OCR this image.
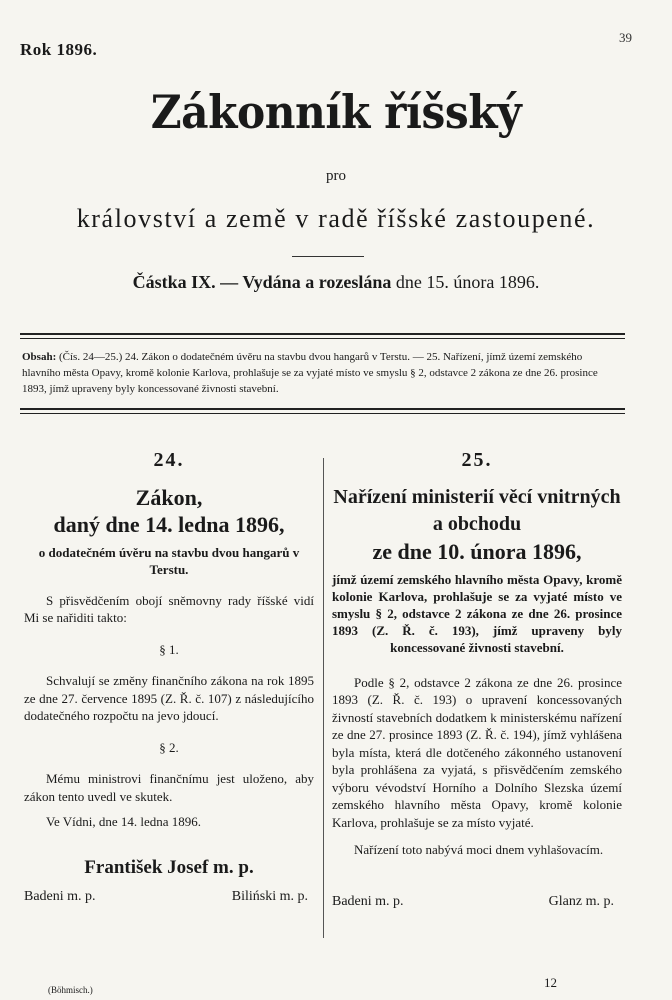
Rok 1896.
39
Zákonník říšský
pro
království a země v radě říšské zastoupené.
Částka IX. — Vydána a rozeslána dne 15. února 1896.
Obsah: (Čís. 24—25.) 24. Zákon o dodatečném úvěru na stavbu dvou hangarů v Terstu. — 25. Nařízení, jímž území zemského hlavního města Opavy, kromě kolonie Karlova, prohlašuje se za vyjaté místo ve smyslu § 2, odstavce 2 zákona ze dne 26. prosince 1893, jímž upraveny byly koncessované živnosti stavební.
24.
Zákon,
daný dne 14. ledna 1896,
o dodatečném úvěru na stavbu dvou hangarů v Terstu.
S přisvědčením obojí sněmovny rady říšské vidí Mi se nařiditi takto:
§ 1.
Schvalují se změny finančního zákona na rok 1895 ze dne 27. července 1895 (Z. Ř. č. 107) z následujícího dodatečného rozpočtu na jevo jdoucí.
§ 2.
Mému ministrovi finančnímu jest uloženo, aby zákon tento uvedl ve skutek.
Ve Vídni, dne 14. ledna 1896.
František Josef m. p.
Badeni m. p.	Biliński m. p.
25.
Nařízení ministerií věcí vnitrných
a obchodu
ze dne 10. února 1896,
jímž území zemského hlavního města Opavy, kromě kolonie Karlova, prohlašuje se za vyjaté místo ve smyslu § 2, odstavce 2 zákona ze dne 26. prosince 1893 (Z. Ř. č. 193), jímž upraveny byly koncessované živnosti stavební.
Podle § 2, odstavce 2 zákona ze dne 26. prosince 1893 (Z. Ř. č. 193) o upravení koncessovaných živností stavebních dodatkem k ministerskému nařízení ze dne 27. prosince 1893 (Z. Ř. č. 194), jímž vyhlášena byla místa, která dle dotčeného zákonného ustanovení byla prohlášena za vyjatá, s přisvědčením zemského výboru vévodství Horního a Dolního Slezska území zemského hlavního města Opavy, kromě kolonie Karlova, prohlašuje se za místo vyjaté.
Nařízení toto nabývá moci dnem vyhlašovacím.
Badeni m. p.	Glanz m. p.
(Böhmisch.)	12
